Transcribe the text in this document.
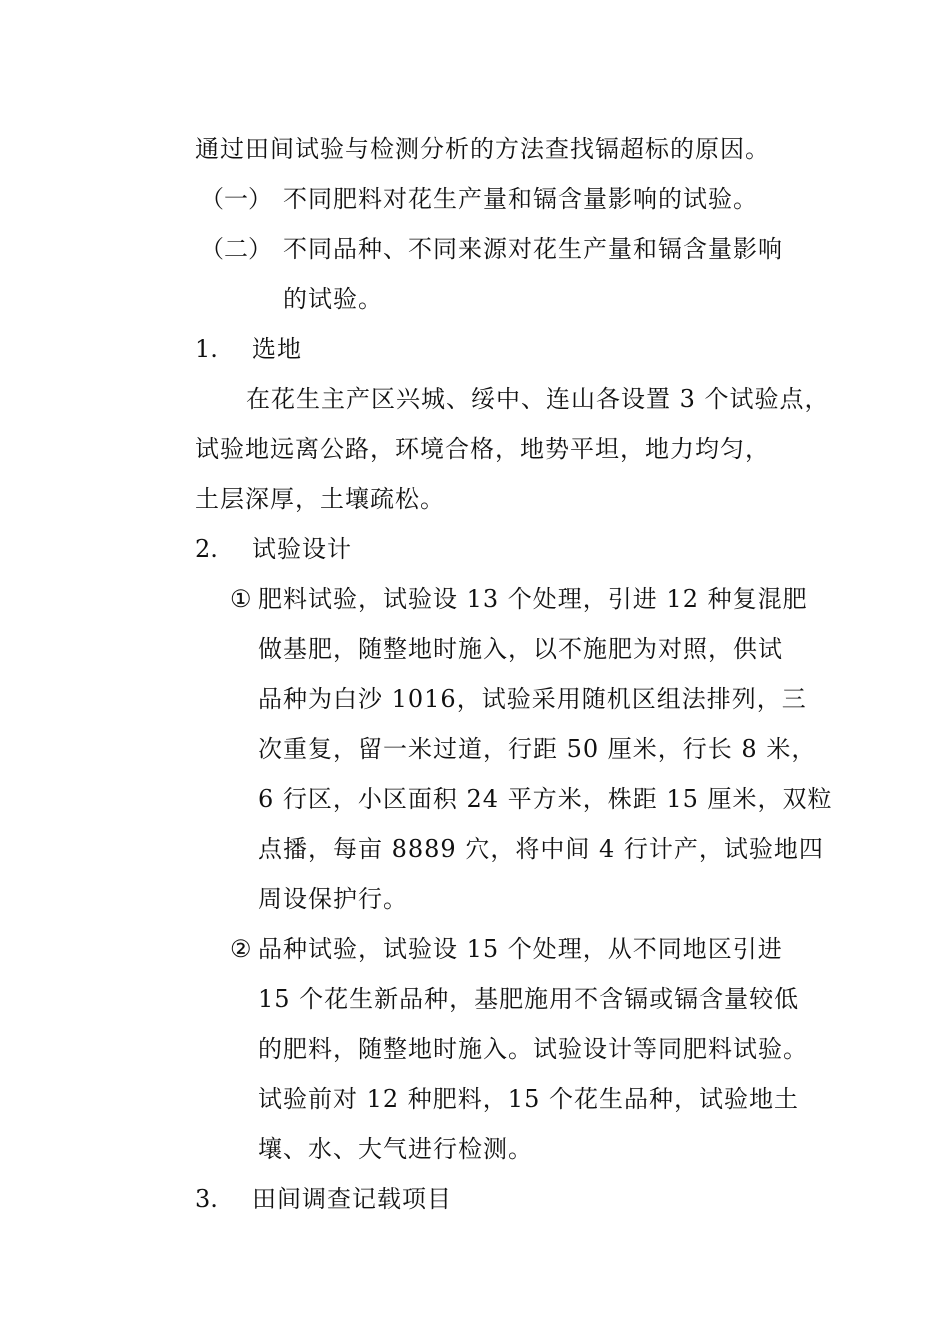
通过田间试验与检测分析的方法查找镉超标的原因。
（一） 不同肥料对花生产量和镉含量影响的试验。
（二） 不同品种、不同来源对花生产量和镉含量影响
的试验。
1. 选地
在花生主产区兴城、绥中、连山各设置 3 个试验点，
试验地远离公路，环境合格，地势平坦，地力均匀，
土层深厚，土壤疏松。
2. 试验设计
① 肥料试验，试验设 13 个处理，引进 12 种复混肥
做基肥，随整地时施入，以不施肥为对照，供试
品种为白沙 1016，试验采用随机区组法排列，三
次重复，留一米过道，行距 50 厘米，行长 8 米，
6 行区，小区面积 24 平方米，株距 15 厘米，双粒
点播，每亩 8889 穴，将中间 4 行计产，试验地四
周设保护行。
② 品种试验，试验设 15 个处理，从不同地区引进
15 个花生新品种，基肥施用不含镉或镉含量较低
的肥料，随整地时施入。试验设计等同肥料试验。
试验前对 12 种肥料，15 个花生品种，试验地土
壤、水、大气进行检测。
3. 田间调查记载项目
